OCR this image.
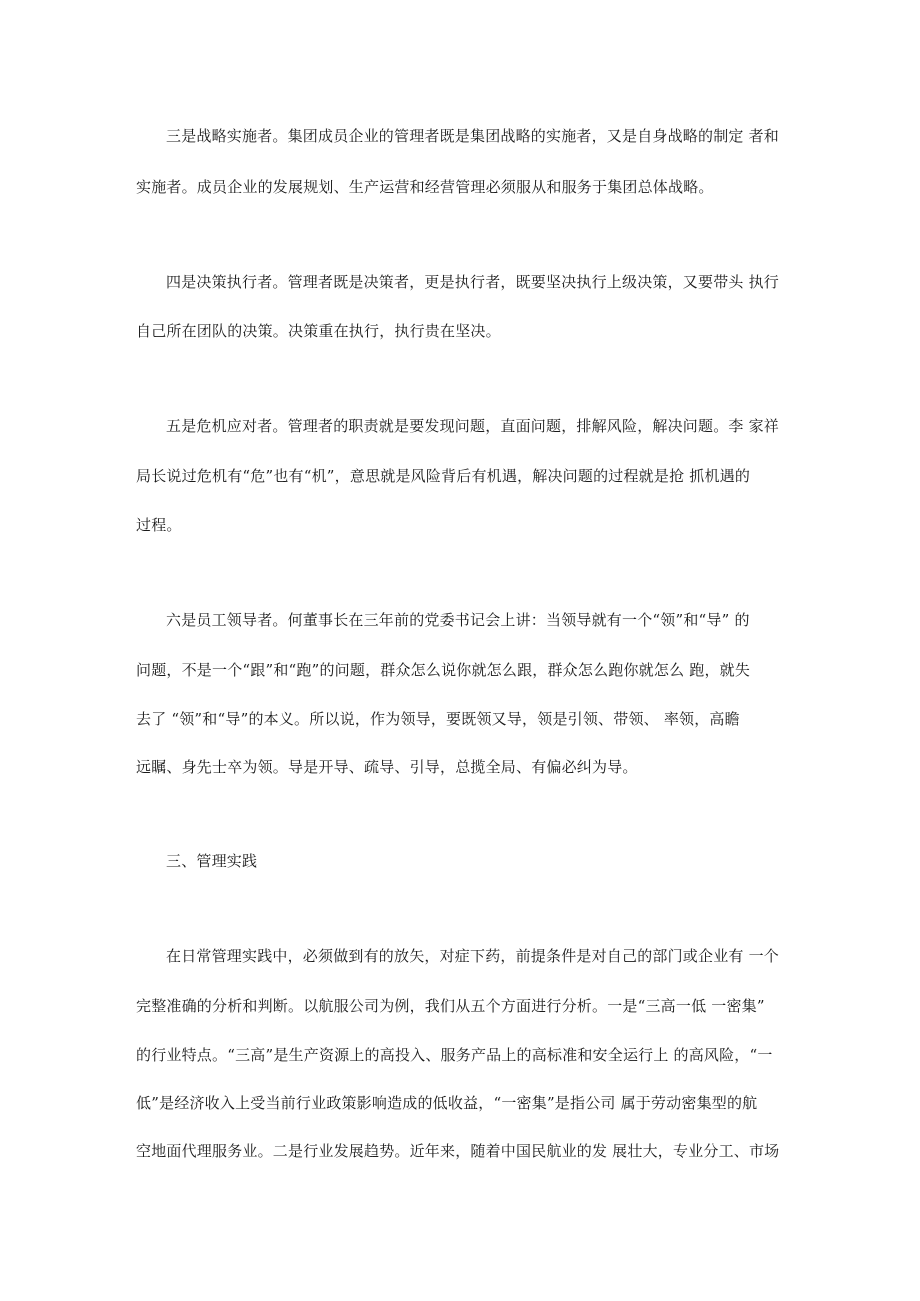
三是战略实施者。集团成员企业的管理者既是集团战略的实施者，又是自身战略的制定 者和
实施者。成员企业的发展规划、生产运营和经营管理必须服从和服务于集团总体战略。
四是决策执行者。管理者既是决策者，更是执行者，既要坚决执行上级决策，又要带头 执行
自己所在团队的决策。决策重在执行，执行贵在坚决。
五是危机应对者。管理者的职责就是要发现问题，直面问题，排解风险，解决问题。李 家祥
局长说过危机有“危”也有“机”，意思就是风险背后有机遇，解决问题的过程就是抢 抓机遇的
过程。
六是员工领导者。何董事长在三年前的党委书记会上讲：当领导就有一个“领”和“导” 的
问题，不是一个“跟”和“跑”的问题，群众怎么说你就怎么跟，群众怎么跑你就怎么 跑，就失
去了 “领”和“导”的本义。所以说，作为领导，要既领又导，领是引领、带领、 率领，高瞻
远瞩、身先士卒为领。导是开导、疏导、引导，总揽全局、有偏必纠为导。
三、管理实践
在日常管理实践中，必须做到有的放矢，对症下药，前提条件是对自己的部门或企业有 一个
完整准确的分析和判断。以航服公司为例，我们从五个方面进行分析。一是“三高一低 一密集”
的行业特点。“三高”是生产资源上的高投入、服务产品上的高标准和安全运行上 的高风险，“一
低”是经济收入上受当前行业政策影响造成的低收益，“一密集”是指公司 属于劳动密集型的航
空地面代理服务业。二是行业发展趋势。近年来，随着中国民航业的发 展壮大，专业分工、市场
